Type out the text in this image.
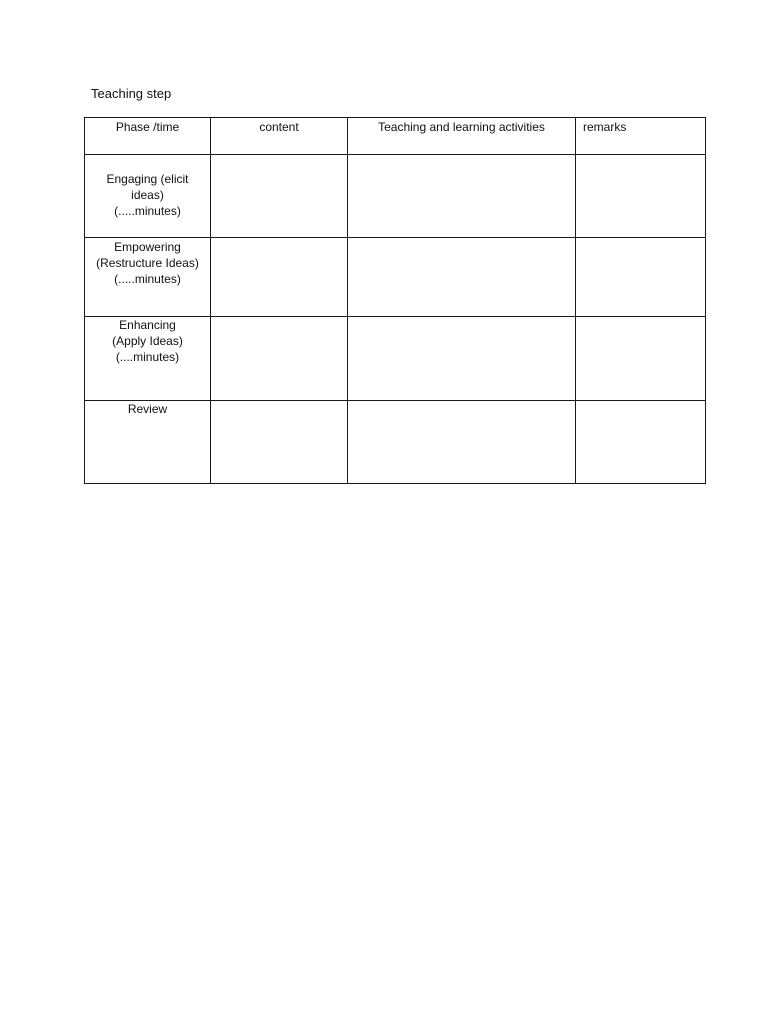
Teaching step
Phase /time	content	Teaching and learning activities	remarks

Engaging (elicit
ideas)
(.....minutes)			

Empowering
(Restructure Ideas)
(.....minutes)			

Enhancing
(Apply Ideas)
(....minutes)			

Review			
